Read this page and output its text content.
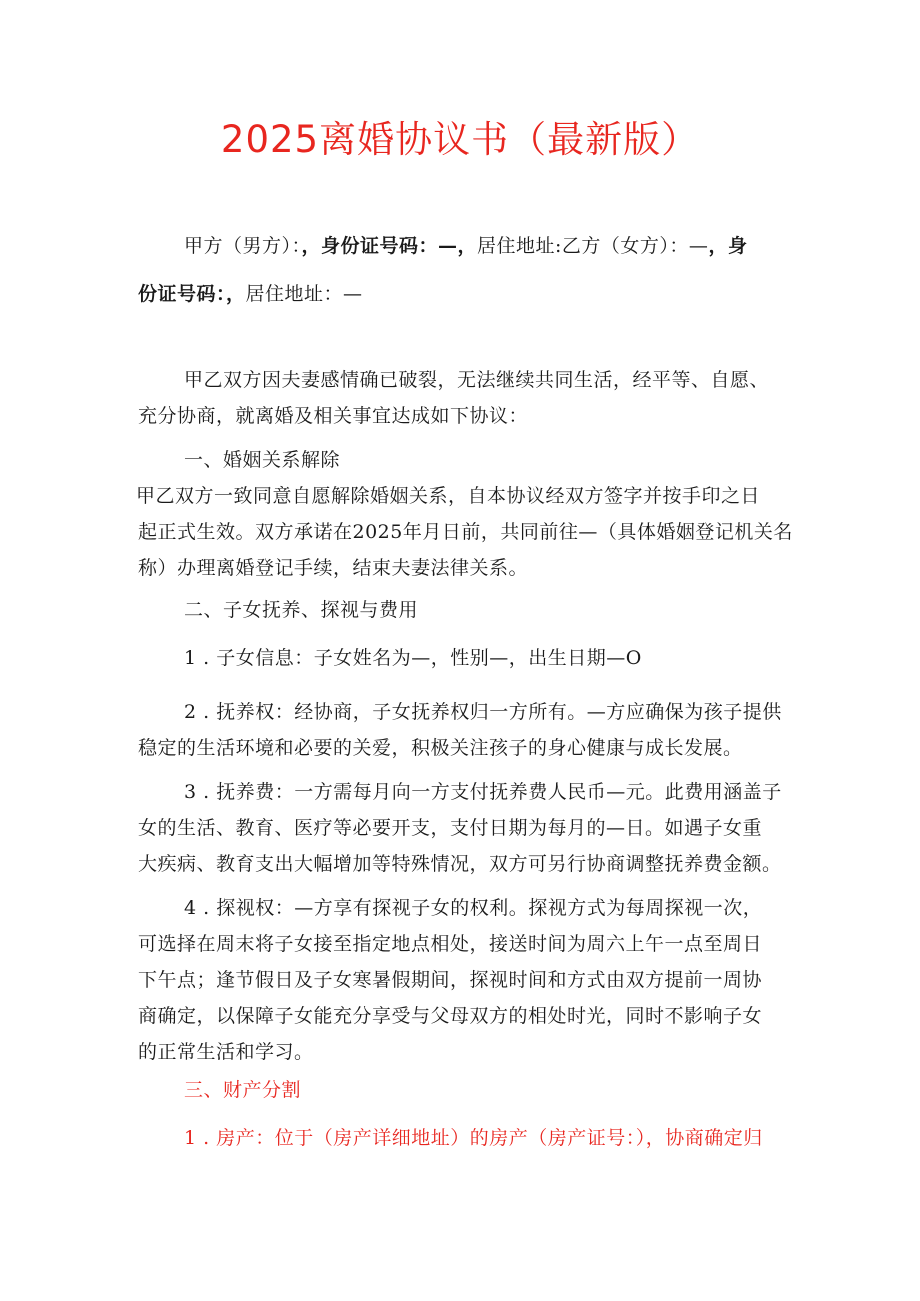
2025离婚协议书（最新版）
甲方（男方）：，身份证号码：—，居住地址:乙方（女方）：—，身
份证号码：，居住地址：—
甲乙双方因夫妻感情确已破裂，无法继续共同生活，经平等、自愿、
充分协商，就离婚及相关事宜达成如下协议：
一、婚姻关系解除
甲乙双方一致同意自愿解除婚姻关系，自本协议经双方签字并按手印之日
起正式生效。双方承诺在2025年月日前，共同前往—（具体婚姻登记机关名
称）办理离婚登记手续，结束夫妻法律关系。
二、子女抚养、探视与费用
1 . 子女信息：子女姓名为—，性别—，出生日期—O
2 . 抚养权：经协商，子女抚养权归一方所有。—方应确保为孩子提供
稳定的生活环境和必要的关爱，积极关注孩子的身心健康与成长发展。
3 . 抚养费：一方需每月向一方支付抚养费人民币—元。此费用涵盖子
女的生活、教育、医疗等必要开支，支付日期为每月的—日。如遇子女重
大疾病、教育支出大幅增加等特殊情况，双方可另行协商调整抚养费金额。
4 . 探视权：—方享有探视子女的权利。探视方式为每周探视一次，
可选择在周末将子女接至指定地点相处，接送时间为周六上午一点至周日
下午点；逢节假日及子女寒暑假期间，探视时间和方式由双方提前一周协
商确定，以保障子女能充分享受与父母双方的相处时光，同时不影响子女
的正常生活和学习。
三、财产分割
1 . 房产：位于（房产详细地址）的房产（房产证号：），协商确定归
